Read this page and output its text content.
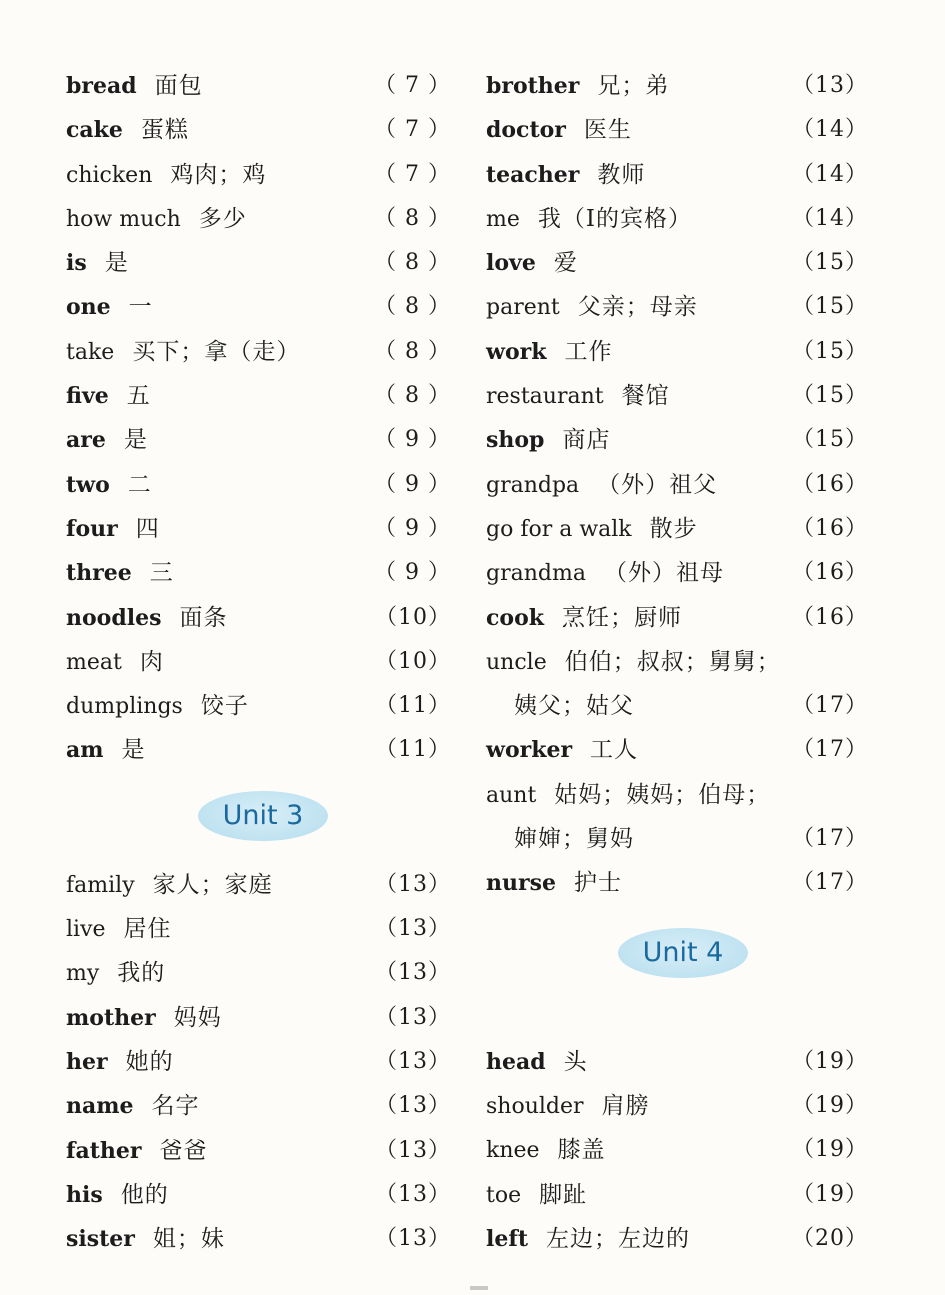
bread 面包	（ 7 ）
cake 蛋糕	（ 7 ）
chicken 鸡肉；鸡	（ 7 ）
how much 多少	（ 8 ）
is 是	（ 8 ）
one 一	（ 8 ）
take 买下；拿（走）	（ 8 ）
five 五	（ 8 ）
are 是	（ 9 ）
two 二	（ 9 ）
four 四	（ 9 ）
three 三	（ 9 ）
noodles 面条	（10）
meat 肉	（10）
dumplings 饺子	（11）
am 是	（11）
Unit 3
family 家人；家庭	（13）
live 居住	（13）
my 我的	（13）
mother 妈妈	（13）
her 她的	（13）
name 名字	（13）
father 爸爸	（13）
his 他的	（13）
sister 姐；妹	（13）
brother 兄；弟	（13）
doctor 医生	（14）
teacher 教师	（14）
me 我（I的宾格）	（14）
love 爱	（15）
parent 父亲；母亲	（15）
work 工作	（15）
restaurant 餐馆	（15）
shop 商店	（15）
grandpa （外）祖父	（16）
go for a walk 散步	（16）
grandma （外）祖母	（16）
cook 烹饪；厨师	（16）
uncle 伯伯；叔叔；舅舅；
姨父；姑父	（17）
worker 工人	（17）
aunt 姑妈；姨妈；伯母；
婶婶；舅妈	（17）
nurse 护士	（17）
Unit 4
head 头	（19）
shoulder 肩膀	（19）
knee 膝盖	（19）
toe 脚趾	（19）
left 左边；左边的	（20）
